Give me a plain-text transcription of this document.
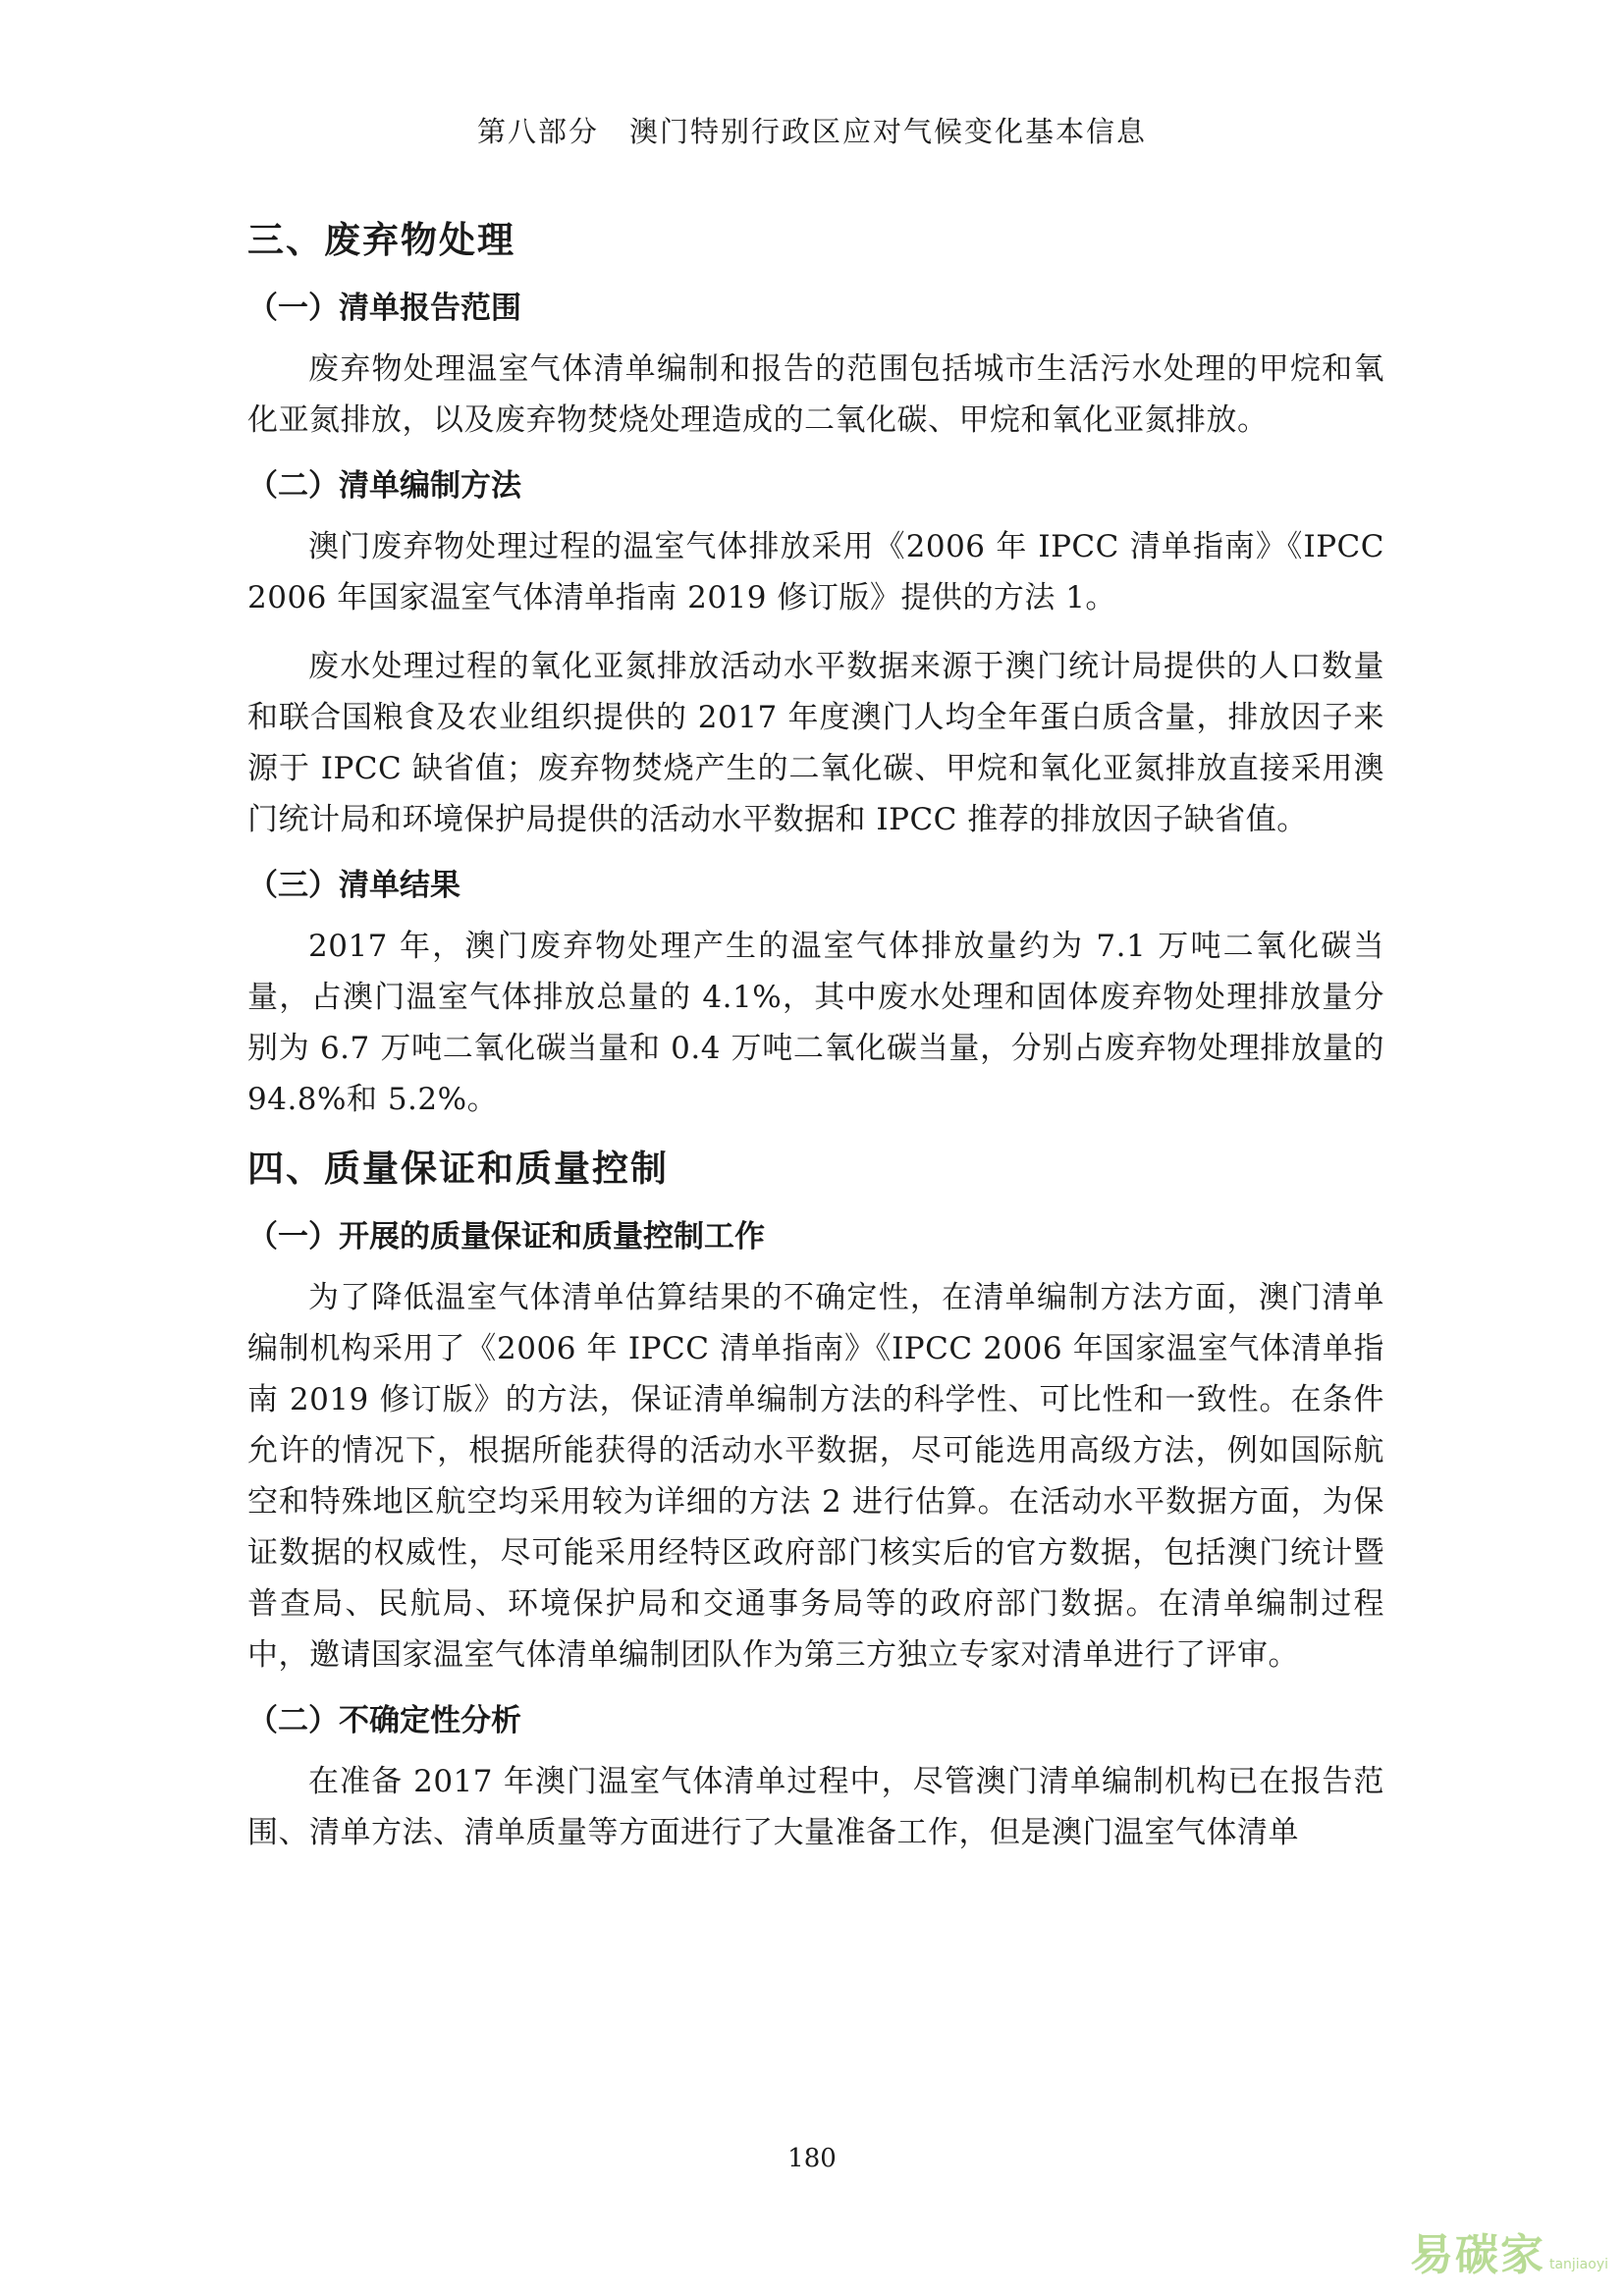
第八部分　澳门特别行政区应对气候变化基本信息
三、废弃物处理
（一）清单报告范围

废弃物处理温室气体清单编制和报告的范围包括城市生活污水处理的甲烷和氧化亚氮排放，以及废弃物焚烧处理造成的二氧化碳、甲烷和氧化亚氮排放。

（二）清单编制方法

澳门废弃物处理过程的温室气体排放采用《2006 年 IPCC 清单指南》《IPCC 2006 年国家温室气体清单指南 2019 修订版》提供的方法 1。

废水处理过程的氧化亚氮排放活动水平数据来源于澳门统计局提供的人口数量和联合国粮食及农业组织提供的 2017 年度澳门人均全年蛋白质含量，排放因子来源于 IPCC 缺省值；废弃物焚烧产生的二氧化碳、甲烷和氧化亚氮排放直接采用澳门统计局和环境保护局提供的活动水平数据和 IPCC 推荐的排放因子缺省值。

（三）清单结果

2017 年，澳门废弃物处理产生的温室气体排放量约为 7.1 万吨二氧化碳当量，占澳门温室气体排放总量的 4.1%，其中废水处理和固体废弃物处理排放量分别为 6.7 万吨二氧化碳当量和 0.4 万吨二氧化碳当量，分别占废弃物处理排放量的 94.8%和 5.2%。

四、质量保证和质量控制
（一）开展的质量保证和质量控制工作

为了降低温室气体清单估算结果的不确定性，在清单编制方法方面，澳门清单编制机构采用了《2006 年 IPCC 清单指南》《IPCC 2006 年国家温室气体清单指南 2019 修订版》的方法，保证清单编制方法的科学性、可比性和一致性。在条件允许的情况下，根据所能获得的活动水平数据，尽可能选用高级方法，例如国际航空和特殊地区航空均采用较为详细的方法 2 进行估算。在活动水平数据方面，为保证数据的权威性，尽可能采用经特区政府部门核实后的官方数据，包括澳门统计暨普查局、民航局、环境保护局和交通事务局等的政府部门数据。在清单编制过程中，邀请国家温室气体清单编制团队作为第三方独立专家对清单进行了评审。

（二）不确定性分析

在准备 2017 年澳门温室气体清单过程中，尽管澳门清单编制机构已在报告范围、清单方法、清单质量等方面进行了大量准备工作，但是澳门温室气体清单

180
易碳家 tanjiaoyi
